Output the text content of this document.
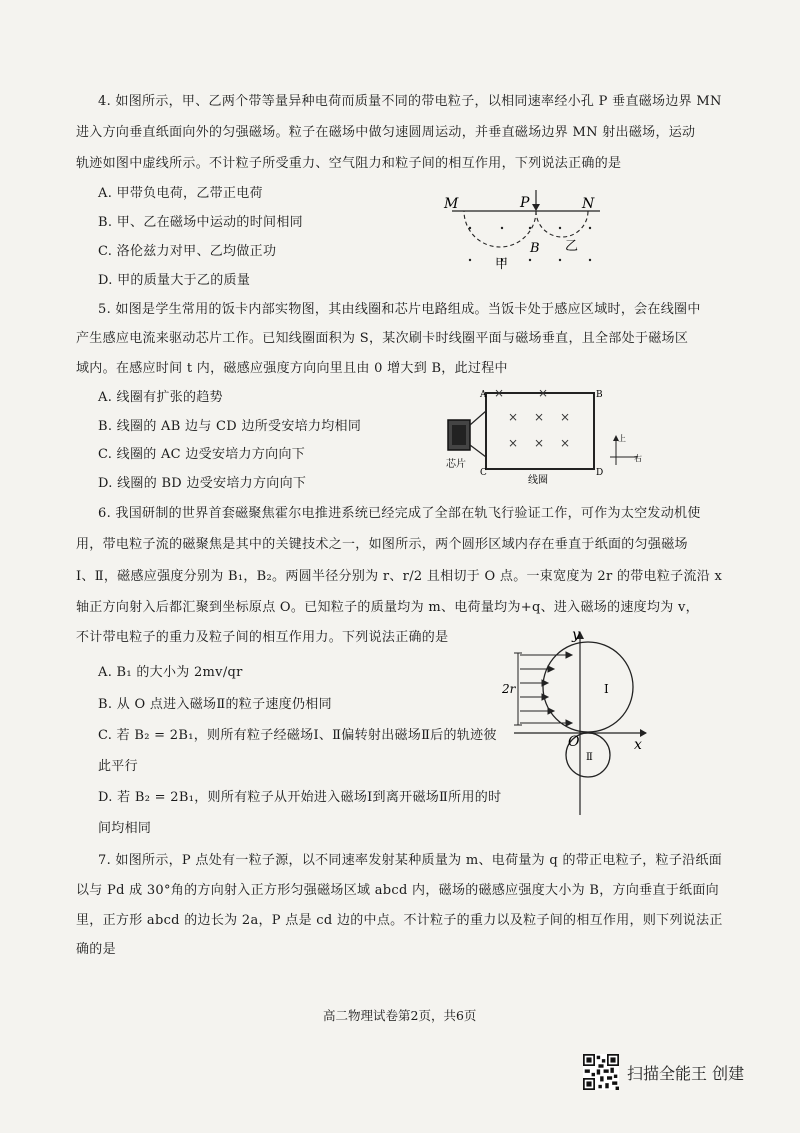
4. 如图所示，甲、乙两个带等量异种电荷而质量不同的带电粒子，以相同速率经小孔 P 垂直磁场边界 MN
进入方向垂直纸面向外的匀强磁场。粒子在磁场中做匀速圆周运动，并垂直磁场边界 MN 射出磁场，运动
轨迹如图中虚线所示。不计粒子所受重力、空气阻力和粒子间的相互作用，下列说法正确的是
A. 甲带负电荷，乙带正电荷
B. 甲、乙在磁场中运动的时间相同
C. 洛伦兹力对甲、乙均做正功
D. 甲的质量大于乙的质量
M	P	N
B 乙
甲
5. 如图是学生常用的饭卡内部实物图，其由线圈和芯片电路组成。当饭卡处于感应区域时，会在线圈中
产生感应电流来驱动芯片工作。已知线圈面积为 S，某次刷卡时线圈平面与磁场垂直，且全部处于磁场区
域内。在感应时间 t 内，磁感应强度方向向里且由 0 增大到 B，此过程中
A. 线圈有扩张的趋势
B. 线圈的 AB 边与 CD 边所受安培力均相同
C. 线圈的 AC 边受安培力方向向下
D. 线圈的 BD 边受安培力方向向下
× × ×
× × ×
×
×
A	B
C	D
上
右
芯片
线圈
6. 我国研制的世界首套磁聚焦霍尔电推进系统已经完成了全部在轨飞行验证工作，可作为太空发动机使
用，带电粒子流的磁聚焦是其中的关键技术之一，如图所示，两个圆形区域内存在垂直于纸面的匀强磁场
Ⅰ、Ⅱ，磁感应强度分别为 B₁，B₂。两圆半径分别为 r、r/2 且相切于 O 点。一束宽度为 2r 的带电粒子流沿 x
轴正方向射入后都汇聚到坐标原点 O。已知粒子的质量均为 m、电荷量均为+q、进入磁场的速度均为 v，
不计带电粒子的重力及粒子间的相互作用力。下列说法正确的是
A. B₁ 的大小为 2mv/qr
B. 从 O 点进入磁场Ⅱ的粒子速度仍相同
C. 若 B₂ = 2B₁，则所有粒子经磁场Ⅰ、Ⅱ偏转射出磁场Ⅱ后的轨迹彼
此平行
D. 若 B₂ = 2B₁，则所有粒子从开始进入磁场Ⅰ到离开磁场Ⅱ所用的时
间均相同
y
x
O
2r	Ⅰ
Ⅱ
7. 如图所示，P 点处有一粒子源，以不同速率发射某种质量为 m、电荷量为 q 的带正电粒子，粒子沿纸面
以与 Pd 成 30°角的方向射入正方形匀强磁场区域 abcd 内，磁场的磁感应强度大小为 B，方向垂直于纸面向
里，正方形 abcd 的边长为 2a，P 点是 cd 边的中点。不计粒子的重力以及粒子间的相互作用，则下列说法正
确的是
高二物理试卷第2页，共6页
扫描全能王 创建
